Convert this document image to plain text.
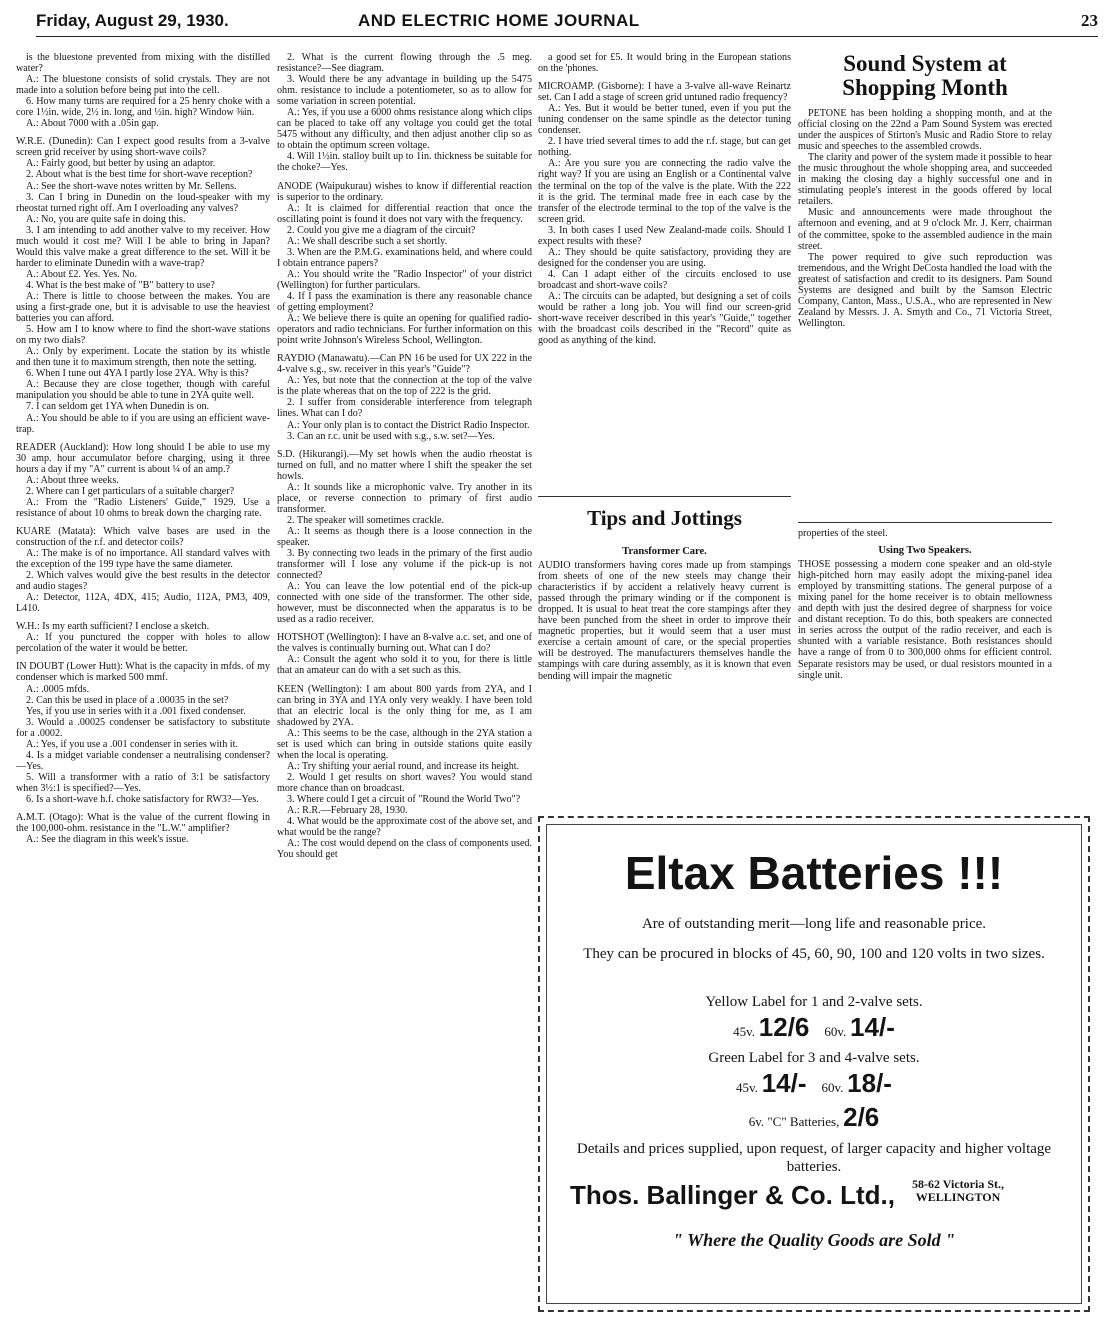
Friday, August 29, 1930.	AND ELECTRIC HOME JOURNAL	23

is the bluestone prevented from mixing with the distilled water?

A.: The bluestone consists of solid crystals. They are not made into a solution before being put into the cell.

6. How many turns are required for a 25 henry choke with a core 1½in. wide, 2½ in. long, and ½in. high? Window ⅜in.

A.: About 7000 with a .05in gap.

W.R.E. (Dunedin): Can I expect good results from a 3-valve screen grid receiver by using short-wave coils?

A.: Fairly good, but better by using an adaptor.

2. About what is the best time for short-wave reception?

A.: See the short-wave notes written by Mr. Sellens.

3. Can I bring in Dunedin on the loud-speaker with my rheostat turned right off. Am I overloading any valves?

A.: No, you are quite safe in doing this.

3. I am intending to add another valve to my receiver. How much would it cost me? Will I be able to bring in Japan? Would this valve make a great difference to the set. Will it be harder to eliminate Dunedin with a wave-trap?

A.: About £2. Yes. Yes. No.

4. What is the best make of "B" battery to use?

A.: There is little to choose between the makes. You are using a first-grade one, but it is advisable to use the heaviest batteries you can afford.

5. How am I to know where to find the short-wave stations on my two dials?

A.: Only by experiment. Locate the station by its whistle and then tune it to maximum strength, then note the setting.

6. When I tune out 4YA I partly lose 2YA. Why is this?

A.: Because they are close together, though with careful manipulation you should be able to tune in 2YA quite well.

7. I can seldom get 1YA when Dunedin is on.

A.: You should be able to if you are using an efficient wave-trap.

READER (Auckland): How long should I be able to use my 30 amp. hour accumulator before charging, using it three hours a day if my "A" current is about ¼ of an amp.?

A.: About three weeks.

2. Where can I get particulars of a suitable charger?

A.: From the "Radio Listeners' Guide," 1929. Use a resistance of about 10 ohms to break down the charging rate.

KUARE (Matata): Which valve bases are used in the construction of the r.f. and detector coils?

A.: The make is of no importance. All standard valves with the exception of the 199 type have the same diameter.

2. Which valves would give the best results in the detector and audio stages?

A.: Detector, 112A, 4DX, 415; Audio, 112A, PM3, 409, L410.

W.H.: Is my earth sufficient? I enclose a sketch.

A.: If you punctured the copper with holes to allow percolation of the water it would be better.

IN DOUBT (Lower Hutt): What is the capacity in mfds. of my condenser which is marked 500 mmf.

A.: .0005 mfds.

2. Can this be used in place of a .00035 in the set?

Yes, if you use in series with it a .001 fixed condenser.

3. Would a .00025 condenser be satisfactory to substitute for a .0002.

A.: Yes, if you use a .001 condenser in series with it.

4. Is a midget variable condenser a neutralising condenser?—Yes.

5. Will a transformer with a ratio of 3:1 be satisfactory when 3½:1 is specified?—Yes.

6. Is a short-wave h.f. choke satisfactory for RW3?—Yes.

A.M.T. (Otago): What is the value of the current flowing in the 100,000-ohm. resistance in the "L.W." amplifier?

A.: See the diagram in this week's issue.

2. What is the current flowing through the .5 meg. resistance?—See diagram.

3. Would there be any advantage in building up the 5475 ohm. resistance to include a potentiometer, so as to allow for some variation in screen potential.

A.: Yes, if you use a 6000 ohms resistance along which clips can be placed to take off any voltage you could get the total 5475 without any difficulty, and then adjust another clip so as to obtain the optimum screen voltage.

4. Will 1½in. stalloy built up to 1in. thickness be suitable for the choke?—Yes.

ANODE (Waipukurau) wishes to know if differential reaction is superior to the ordinary.

A.: It is claimed for differential reaction that once the oscillating point is found it does not vary with the frequency.

2. Could you give me a diagram of the circuit?

A.: We shall describe such a set shortly.

3. When are the P.M.G. examinations held, and where could I obtain entrance papers?

A.: You should write the "Radio Inspector" of your district (Wellington) for further particulars.

4. If I pass the examination is there any reasonable chance of getting employment?

A.: We believe there is quite an opening for qualified radio-operators and radio technicians. For further information on this point write Johnson's Wireless School, Wellington.

RAYDIO (Manawatu).—Can PN 16 be used for UX 222 in the 4-valve s.g., sw. receiver in this year's "Guide"?

A.: Yes, but note that the connection at the top of the valve is the plate whereas that on the top of 222 is the grid.

2. I suffer from considerable interference from telegraph lines. What can I do?

A.: Your only plan is to contact the District Radio Inspector.

3. Can an r.c. unit be used with s.g., s.w. set?—Yes.

S.D. (Hikurangi).—My set howls when the audio rheostat is turned on full, and no matter where I shift the speaker the set howls.

A.: It sounds like a microphonic valve. Try another in its place, or reverse connection to primary of first audio transformer.

2. The speaker will sometimes crackle.

A.: It seems as though there is a loose connection in the speaker.

3. By connecting two leads in the primary of the first audio transformer will I lose any volume if the pick-up is not connected?

A.: You can leave the low potential end of the pick-up connected with one side of the transformer. The other side, however, must be disconnected when the apparatus is to be used as a radio receiver.

HOTSHOT (Wellington): I have an 8-valve a.c. set, and one of the valves is continually burning out. What can I do?

A.: Consult the agent who sold it to you, for there is little that an amateur can do with a set such as this.

KEEN (Wellington): I am about 800 yards from 2YA, and I can bring in 3YA and 1YA only very weakly. I have been told that an electric local is the only thing for me, as I am shadowed by 2YA.

A.: This seems to be the case, although in the 2YA station a set is used which can bring in outside stations quite easily when the local is operating.

A.: Try shifting your aerial round, and increase its height.

2. Would I get results on short waves? You would stand more chance than on broadcast.

3. Where could I get a circuit of "Round the World Two"?

A.: R.R.—February 28, 1930.

4. What would be the approximate cost of the above set, and what would be the range?

A.: The cost would depend on the class of components used. You should get

a good set for £5. It would bring in the European stations on the 'phones.

MICROAMP. (Gisborne): I have a 3-valve all-wave Reinartz set. Can I add a stage of screen grid untuned radio frequency?

A.: Yes. But it would be better tuned, even if you put the tuning condenser on the same spindle as the detector tuning condenser.

2. I have tried several times to add the r.f. stage, but can get nothing.

A.: Are you sure you are connecting the radio valve the right way? If you are using an English or a Continental valve the terminal on the top of the valve is the plate. With the 222 it is the grid. The terminal made free in each case by the transfer of the electrode terminal to the top of the valve is the screen grid.

3. In both cases I used New Zealand-made coils. Should I expect results with these?

A.: They should be quite satisfactory, providing they are designed for the condenser you are using.

4. Can I adapt either of the circuits enclosed to use broadcast and short-wave coils?

A.: The circuits can be adapted, but designing a set of coils would be rather a long job. You will find our screen-grid short-wave receiver described in this year's "Guide," together with the broadcast coils described in the "Record" quite as good as anything of the kind.

Sound System at Shopping Month

PETONE has been holding a shopping month, and at the official closing on the 22nd a Pam Sound System was erected under the auspices of Stirton's Music and Radio Store to relay music and speeches to the assembled crowds.

The clarity and power of the system made it possible to hear the music throughout the whole shopping area, and succeeded in making the closing day a highly successful one and in stimulating people's interest in the goods offered by local retailers.

Music and announcements were made throughout the afternoon and evening, and at 9 o'clock Mr. J. Kerr, chairman of the committee, spoke to the assembled audience in the main street.

The power required to give such reproduction was tremendous, and the Wright DeCosta handled the load with the greatest of satisfaction and credit to its designers. Pam Sound Systems are designed and built by the Samson Electric Company, Canton, Mass., U.S.A., who are represented in New Zealand by Messrs. J. A. Smyth and Co., 71 Victoria Street, Wellington.

Tips and Jottings
Transformer Care.

AUDIO transformers having cores made up from stampings from sheets of one of the new steels may change their characteristics if by accident a relatively heavy current is passed through the primary winding or if the component is dropped. It is usual to heat treat the core stampings after they have been punched from the sheet in order to improve their magnetic properties, but it would seem that a user must exercise a certain amount of care, or the special properties will be destroyed. The manufacturers themselves handle the stampings with care during assembly, as it is known that even bending will impair the magnetic

properties of the steel.

Using Two Speakers.

THOSE possessing a modern cone speaker and an old-style high-pitched horn may easily adopt the mixing-panel idea employed by transmitting stations. The general purpose of a mixing panel for the home receiver is to obtain mellowness and depth with just the desired degree of sharpness for voice and distant reception. To do this, both speakers are connected in series across the output of the radio receiver, and each is shunted with a variable resistance. Both resistances should have a range of from 0 to 300,000 ohms for efficient control. Separate resistors may be used, or dual resistors mounted in a single unit.

Eltax Batteries !!!
Are of outstanding merit—long life and reasonable price.
They can be procured in blocks of 45, 60, 90, 100 and 120 volts in two sizes.
Yellow Label for 1 and 2-valve sets.
45v. 12/6 60v. 14/-
Green Label for 3 and 4-valve sets.
45v. 14/- 60v. 18/-
6v. "C" Batteries, 2/6
Details and prices supplied, upon request, of larger capacity and higher voltage batteries.
Thos. Ballinger & Co. Ltd.,	58-62 Victoria St.,
WELLINGTON
" Where the Quality Goods are Sold "
